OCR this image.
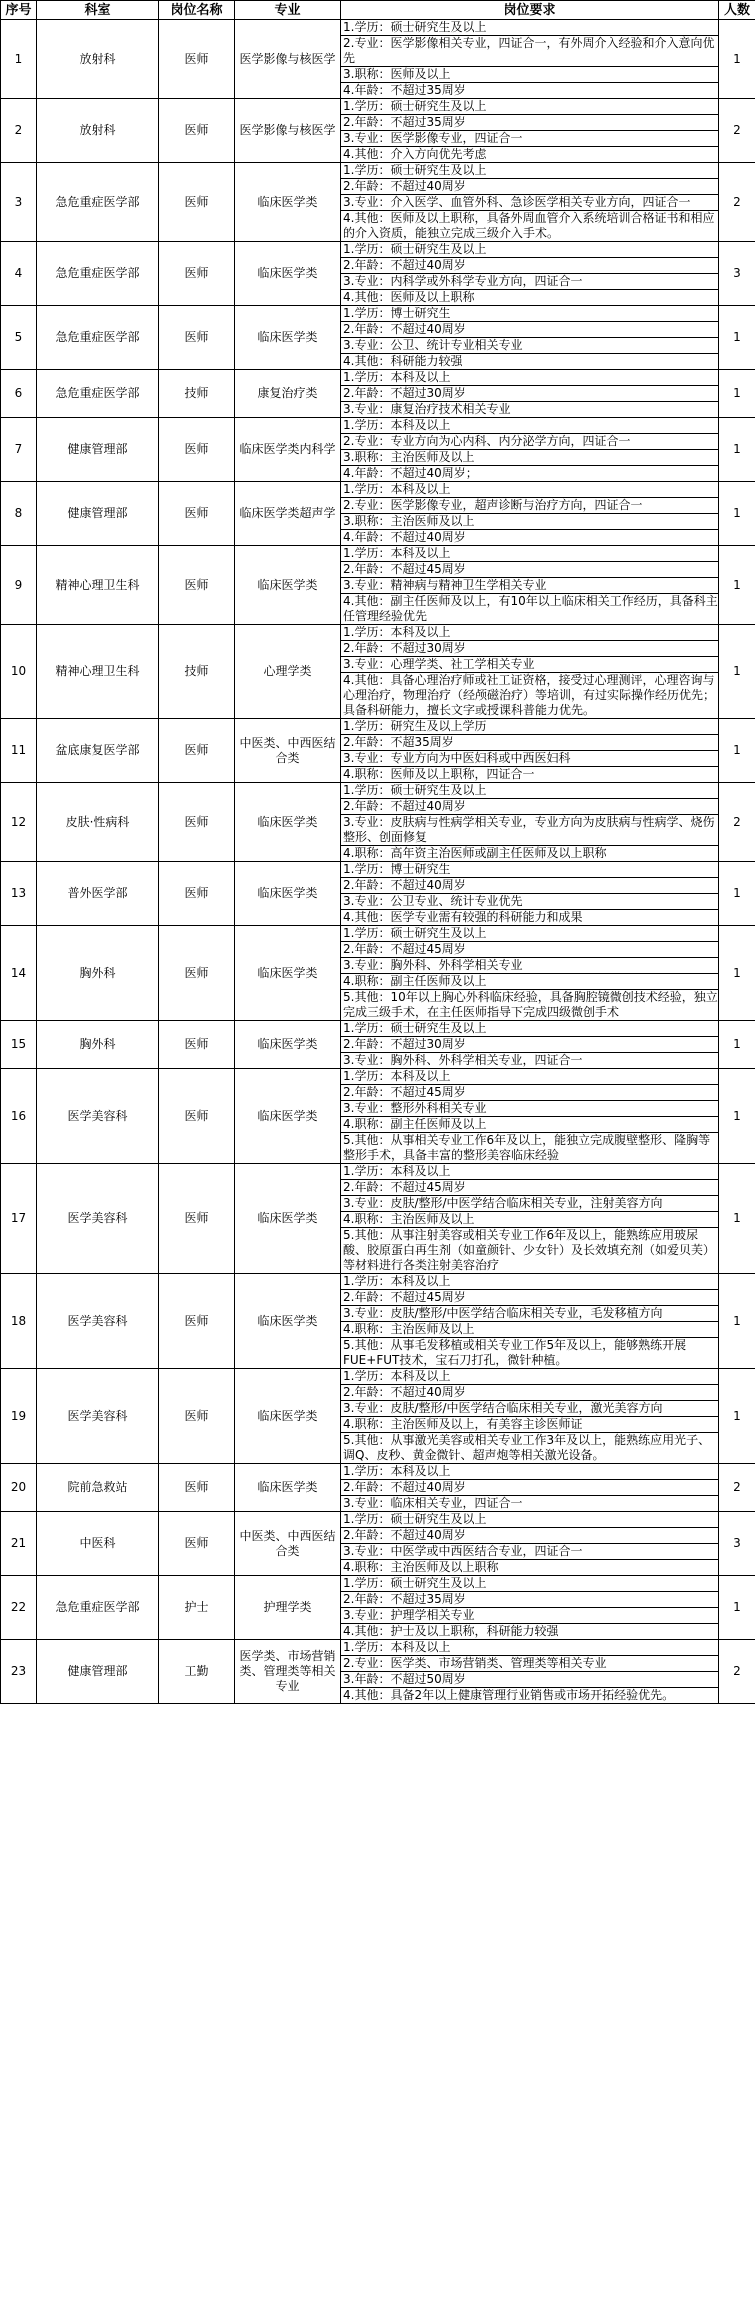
序号	科室	岗位名称	专业	岗位要求	人数
1	放射科	医师	医学影像与核医学	1.学历：硕士研究生及以上
2.专业：医学影像相关专业，四证合一，有外周介入经验和介入意向优先
3.职称：医师及以上
4.年龄：不超过35周岁	1
2	放射科	医师	医学影像与核医学	1.学历：硕士研究生及以上
2.年龄：不超过35周岁
3.专业：医学影像专业，四证合一
4.其他：介入方向优先考虑	2
3	急危重症医学部	医师	临床医学类	1.学历：硕士研究生及以上
2.年龄：不超过40周岁
3.专业：介入医学、血管外科、急诊医学相关专业方向，四证合一
4.其他：医师及以上职称，具备外周血管介入系统培训合格证书和相应的介入资质，能独立完成三级介入手术。	2
4	急危重症医学部	医师	临床医学类	1.学历：硕士研究生及以上
2.年龄：不超过40周岁
3.专业：内科学或外科学专业方向，四证合一
4.其他：医师及以上职称	3
5	急危重症医学部	医师	临床医学类	1.学历：博士研究生
2.年龄：不超过40周岁
3.专业：公卫、统计专业相关专业
4.其他：科研能力较强	1
6	急危重症医学部	技师	康复治疗类	1.学历：本科及以上
2.年龄：不超过30周岁
3.专业：康复治疗技术相关专业	1
7	健康管理部	医师	临床医学类内科学	1.学历：本科及以上
2.专业：专业方向为心内科、内分泌学方向，四证合一
3.职称：主治医师及以上
4.年龄：不超过40周岁；	1
8	健康管理部	医师	临床医学类超声学	1.学历：本科及以上
2.专业：医学影像专业，超声诊断与治疗方向，四证合一
3.职称：主治医师及以上
4.年龄：不超过40周岁	1
9	精神心理卫生科	医师	临床医学类	1.学历：本科及以上
2.年龄：不超过45周岁
3.专业：精神病与精神卫生学相关专业
4.其他：副主任医师及以上，有10年以上临床相关工作经历，具备科主任管理经验优先	1
10	精神心理卫生科	技师	心理学类	1.学历：本科及以上
2.年龄：不超过30周岁
3.专业：心理学类、社工学相关专业
4.其他：具备心理治疗师或社工证资格，接受过心理测评，心理咨询与心理治疗，物理治疗（经颅磁治疗）等培训，有过实际操作经历优先；具备科研能力，擅长文字或授课科普能力优先。	1
11	盆底康复医学部	医师	中医类、中西医结合类	1.学历：研究生及以上学历
2.年龄：不超35周岁
3.专业：专业方向为中医妇科或中西医妇科
4.职称：医师及以上职称，四证合一	1
12	皮肤·性病科	医师	临床医学类	1.学历：硕士研究生及以上
2.年龄：不超过40周岁
3.专业：皮肤病与性病学相关专业，专业方向为皮肤病与性病学、烧伤整形、创面修复
4.职称：高年资主治医师或副主任医师及以上职称	2
13	普外医学部	医师	临床医学类	1.学历：博士研究生
2.年龄：不超过40周岁
3.专业：公卫专业、统计专业优先
4.其他：医学专业需有较强的科研能力和成果	1
14	胸外科	医师	临床医学类	1.学历：硕士研究生及以上
2.年龄：不超过45周岁
3.专业：胸外科、外科学相关专业
4.职称：副主任医师及以上
5.其他：10年以上胸心外科临床经验，具备胸腔镜微创技术经验，独立完成三级手术，在主任医师指导下完成四级微创手术	1
15	胸外科	医师	临床医学类	1.学历：硕士研究生及以上
2.年龄：不超过30周岁
3.专业：胸外科、外科学相关专业，四证合一	1
16	医学美容科	医师	临床医学类	1.学历：本科及以上
2.年龄：不超过45周岁
3.专业：整形外科相关专业
4.职称：副主任医师及以上
5.其他：从事相关专业工作6年及以上，能独立完成腹壁整形、隆胸等整形手术，具备丰富的整形美容临床经验	1
17	医学美容科	医师	临床医学类	1.学历：本科及以上
2.年龄：不超过45周岁
3.专业：皮肤/整形/中医学结合临床相关专业，注射美容方向
4.职称：主治医师及以上
5.其他：从事注射美容或相关专业工作6年及以上，能熟练应用玻尿酸、胶原蛋白再生剂（如童颜针、少女针）及长效填充剂（如爱贝芙）等材料进行各类注射美容治疗	1
18	医学美容科	医师	临床医学类	1.学历：本科及以上
2.年龄：不超过45周岁
3.专业：皮肤/整形/中医学结合临床相关专业，毛发移植方向
4.职称：主治医师及以上
5.其他：从事毛发移植或相关专业工作5年及以上，能够熟练开展FUE+FUT技术，宝石刀打孔，微针种植。	1
19	医学美容科	医师	临床医学类	1.学历：本科及以上
2.年龄：不超过40周岁
3.专业：皮肤/整形/中医学结合临床相关专业，激光美容方向
4.职称：主治医师及以上，有美容主诊医师证
5.其他：从事激光美容或相关专业工作3年及以上，能熟练应用光子、调Q、皮秒、黄金微针、超声炮等相关激光设备。	1
20	院前急救站	医师	临床医学类	1.学历：本科及以上
2.年龄：不超过40周岁
3.专业：临床相关专业，四证合一	2
21	中医科	医师	中医类、中西医结合类	1.学历：硕士研究生及以上
2.年龄：不超过40周岁
3.专业：中医学或中西医结合专业，四证合一
4.职称：主治医师及以上职称	3
22	急危重症医学部	护士	护理学类	1.学历：硕士研究生及以上
2.年龄：不超过35周岁
3.专业：护理学相关专业
4.其他：护士及以上职称，科研能力较强	1
23	健康管理部	工勤	医学类、市场营销类、管理类等相关专业	1.学历：本科及以上
2.专业：医学类、市场营销类、管理类等相关专业
3.年龄：不超过50周岁
4.其他：具备2年以上健康管理行业销售或市场开拓经验优先。	2
